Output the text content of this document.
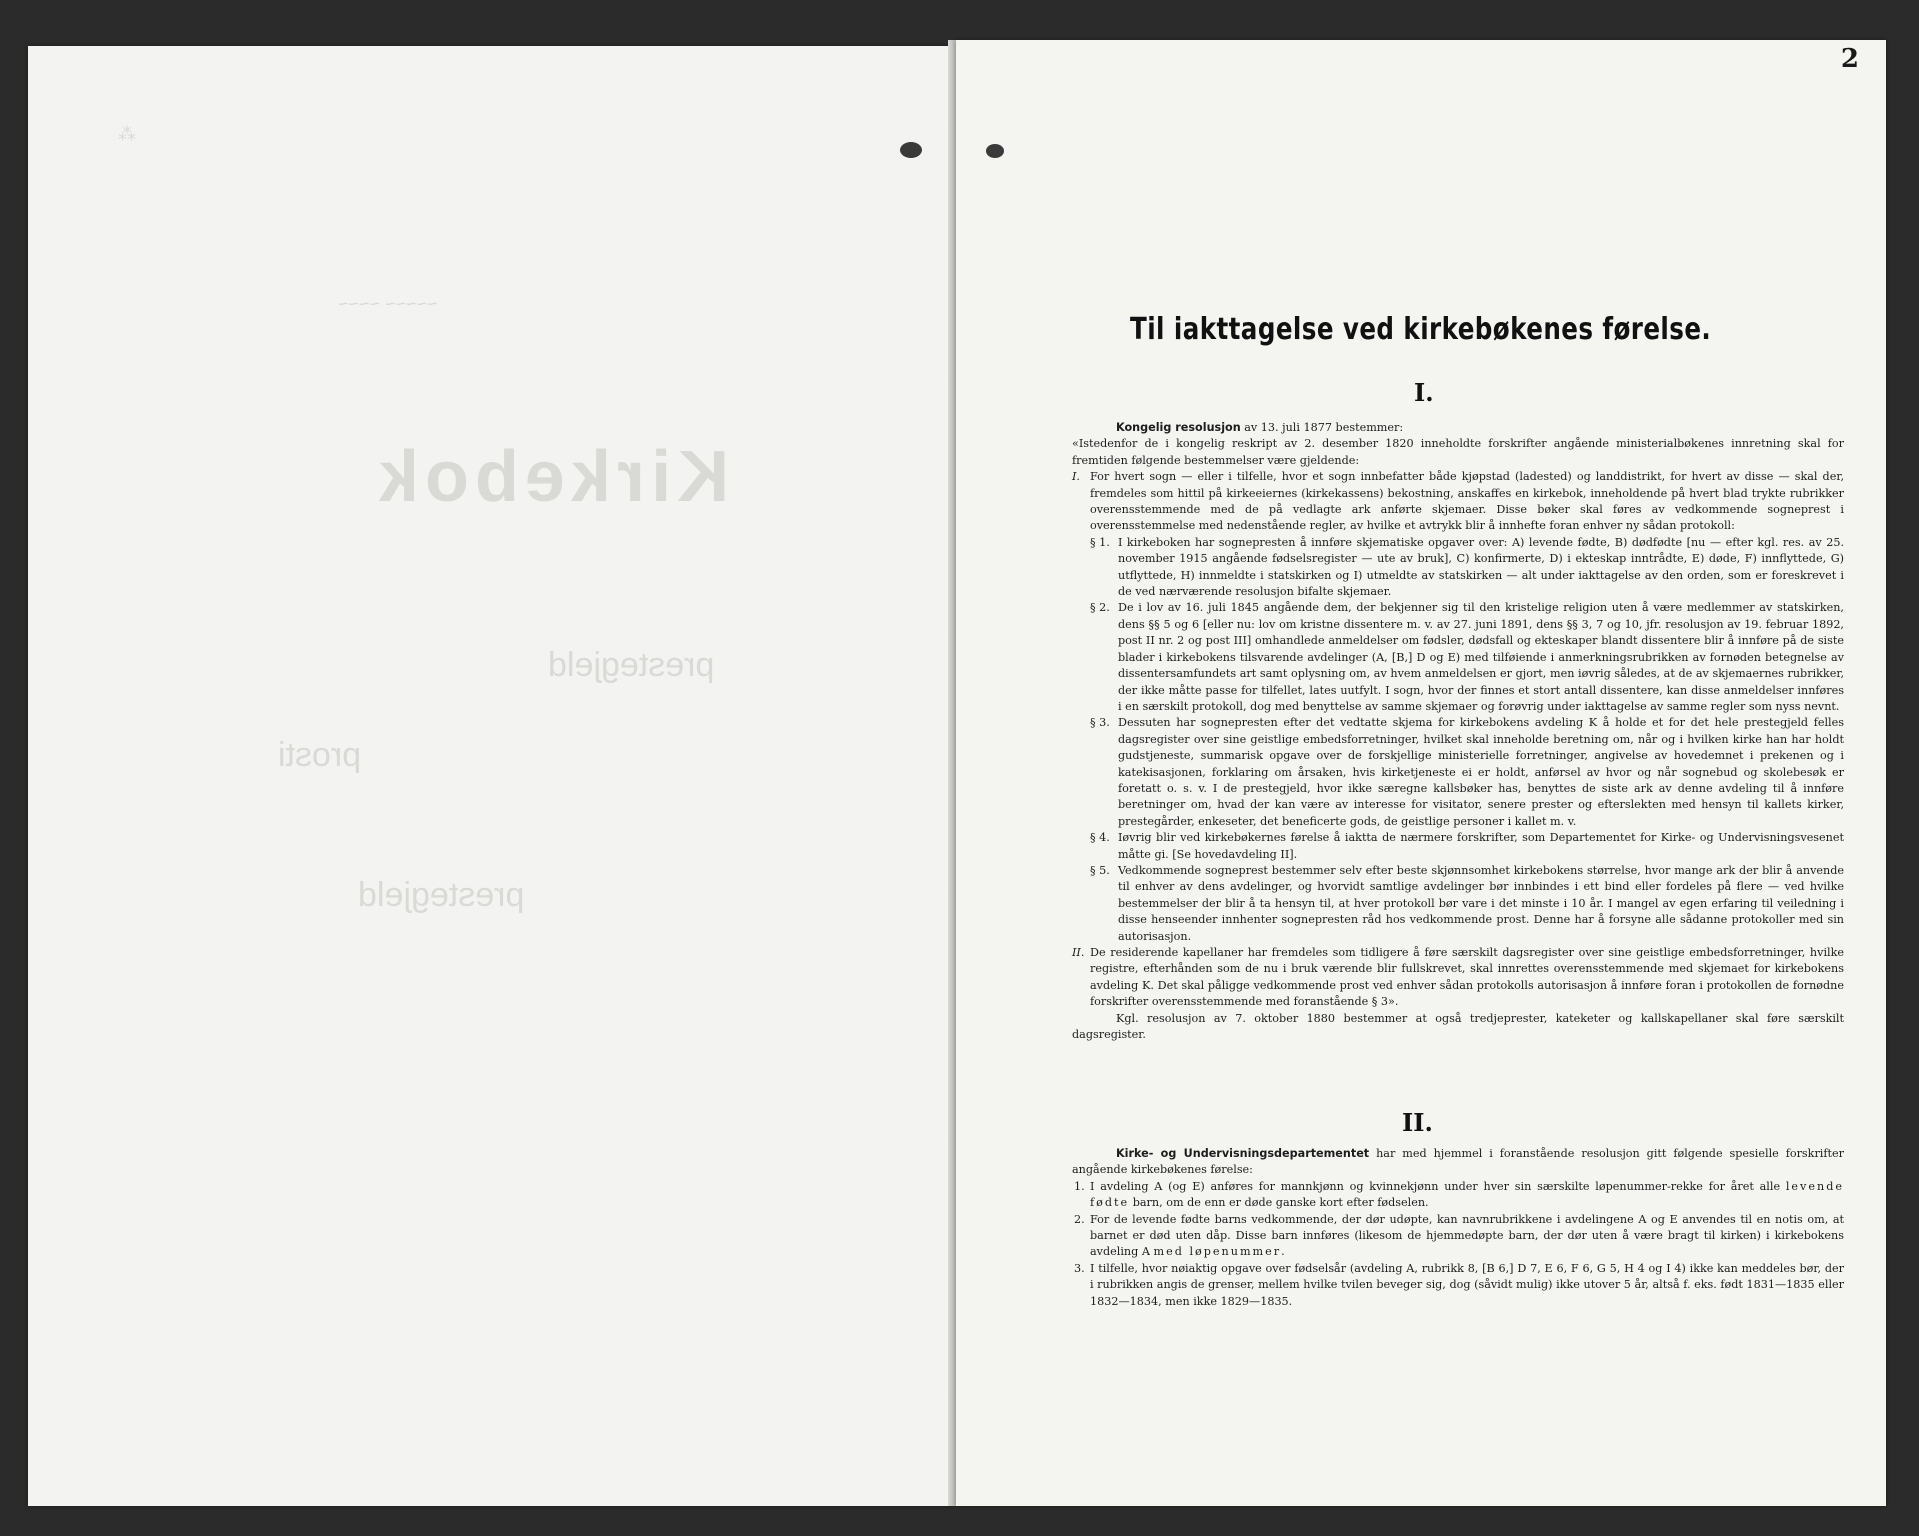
⁂
~~~~~ ~~~~
Kirkebok
prestegjeld
prosti
prestegjeld
2
Til iakttagelse ved kirkebøkenes førelse.
I.

Kongelig resolusjon av 13. juli 1877 bestemmer:

«Istedenfor de i kongelig reskript av 2. desember 1820 inneholdte forskrifter angående ministerialbøkenes innretning skal for fremtiden følgende bestemmelser være gjeldende:

I. For hvert sogn — eller i tilfelle, hvor et sogn innbefatter både kjøpstad (ladested) og landdistrikt, for hvert av disse — skal der, fremdeles som hittil på kirkeeiernes (kirkekassens) bekostning, anskaffes en kirkebok, inneholdende på hvert blad trykte rubrikker overensstemmende med de på vedlagte ark anførte skjemaer. Disse bøker skal føres av vedkommende sogneprest i overensstemmelse med nedenstående regler, av hvilke et avtrykk blir å innhefte foran enhver ny sådan protokoll:

§ 1. I kirkeboken har sognepresten å innføre skjematiske opgaver over: A) levende fødte, B) dødfødte [nu — efter kgl. res. av 25. november 1915 angående fødselsregister — ute av bruk], C) konfirmerte, D) i ekteskap inntrådte, E) døde, F) innflyttede, G) utflyttede, H) innmeldte i statskirken og I) utmeldte av statskirken — alt under iakttagelse av den orden, som er foreskrevet i de ved nærværende resolusjon bifalte skjemaer.

§ 2. De i lov av 16. juli 1845 angående dem, der bekjenner sig til den kristelige religion uten å være medlemmer av statskirken, dens §§ 5 og 6 [eller nu: lov om kristne dissentere m. v. av 27. juni 1891, dens §§ 3, 7 og 10, jfr. resolusjon av 19. februar 1892, post II nr. 2 og post III] omhandlede anmeldelser om fødsler, dødsfall og ekteskaper blandt dissentere blir å innføre på de siste blader i kirkebokens tilsvarende avdelinger (A, [B,] D og E) med tilføiende i anmerkningsrubrikken av fornøden betegnelse av dissentersamfundets art samt oplysning om, av hvem anmeldelsen er gjort, men iøvrig således, at de av skjemaernes rubrikker, der ikke måtte passe for tilfellet, lates uutfylt. I sogn, hvor der finnes et stort antall dissentere, kan disse anmeldelser innføres i en særskilt protokoll, dog med benyttelse av samme skjemaer og forøvrig under iakttagelse av samme regler som nyss nevnt.

§ 3. Dessuten har sognepresten efter det vedtatte skjema for kirkebokens avdeling K å holde et for det hele prestegjeld felles dagsregister over sine geistlige embedsforretninger, hvilket skal inneholde beretning om, når og i hvilken kirke han har holdt gudstjeneste, summarisk opgave over de forskjellige ministerielle forretninger, angivelse av hovedemnet i prekenen og i katekisasjonen, forklaring om årsaken, hvis kirketjeneste ei er holdt, anførsel av hvor og når sognebud og skolebesøk er foretatt o. s. v. I de prestegjeld, hvor ikke særegne kallsbøker has, benyttes de siste ark av denne avdeling til å innføre beretninger om, hvad der kan være av interesse for visitator, senere prester og efterslekten med hensyn til kallets kirker, prestegårder, enkeseter, det beneficerte gods, de geistlige personer i kallet m. v.

§ 4. Iøvrig blir ved kirkebøkernes førelse å iaktta de nærmere forskrifter, som Departementet for Kirke- og Undervisningsvesenet måtte gi. [Se hovedavdeling II].

§ 5. Vedkommende sogneprest bestemmer selv efter beste skjønnsomhet kirkebokens størrelse, hvor mange ark der blir å anvende til enhver av dens avdelinger, og hvorvidt samtlige avdelinger bør innbindes i ett bind eller fordeles på flere — ved hvilke bestemmelser der blir å ta hensyn til, at hver protokoll bør vare i det minste i 10 år. I mangel av egen erfaring til veiledning i disse henseender innhenter sognepresten råd hos vedkommende prost. Denne har å forsyne alle sådanne protokoller med sin autorisasjon.

II. De residerende kapellaner har fremdeles som tidligere å føre særskilt dagsregister over sine geistlige embedsforretninger, hvilke registre, efterhånden som de nu i bruk værende blir fullskrevet, skal innrettes overensstemmende med skjemaet for kirkebokens avdeling K. Det skal påligge vedkommende prost ved enhver sådan protokolls autorisasjon å innføre foran i protokollen de fornødne forskrifter overensstemmende med foranstående § 3».

Kgl. resolusjon av 7. oktober 1880 bestemmer at også tredjeprester, kateketer og kallskapellaner skal føre særskilt dagsregister.

II.

Kirke- og Undervisningsdepartementet har med hjemmel i foranstående resolusjon gitt følgende spesielle forskrifter angående kirkebøkenes førelse:

1. I avdeling A (og E) anføres for mannkjønn og kvinnekjønn under hver sin særskilte løpenummer-rekke for året alle levende fødte barn, om de enn er døde ganske kort efter fødselen.

2. For de levende fødte barns vedkommende, der dør udøpte, kan navnrubrikkene i avdelingene A og E anvendes til en notis om, at barnet er død uten dåp. Disse barn innføres (likesom de hjemmedøpte barn, der dør uten å være bragt til kirken) i kirkebokens avdeling A med løpenummer.

3. I tilfelle, hvor nøiaktig opgave over fødselsår (avdeling A, rubrikk 8, [B 6,] D 7, E 6, F 6, G 5, H 4 og I 4) ikke kan meddeles bør, der i rubrikken angis de grenser, mellem hvilke tvilen beveger sig, dog (såvidt mulig) ikke utover 5 år, altså f. eks. født 1831—1835 eller 1832—1834, men ikke 1829—1835.
